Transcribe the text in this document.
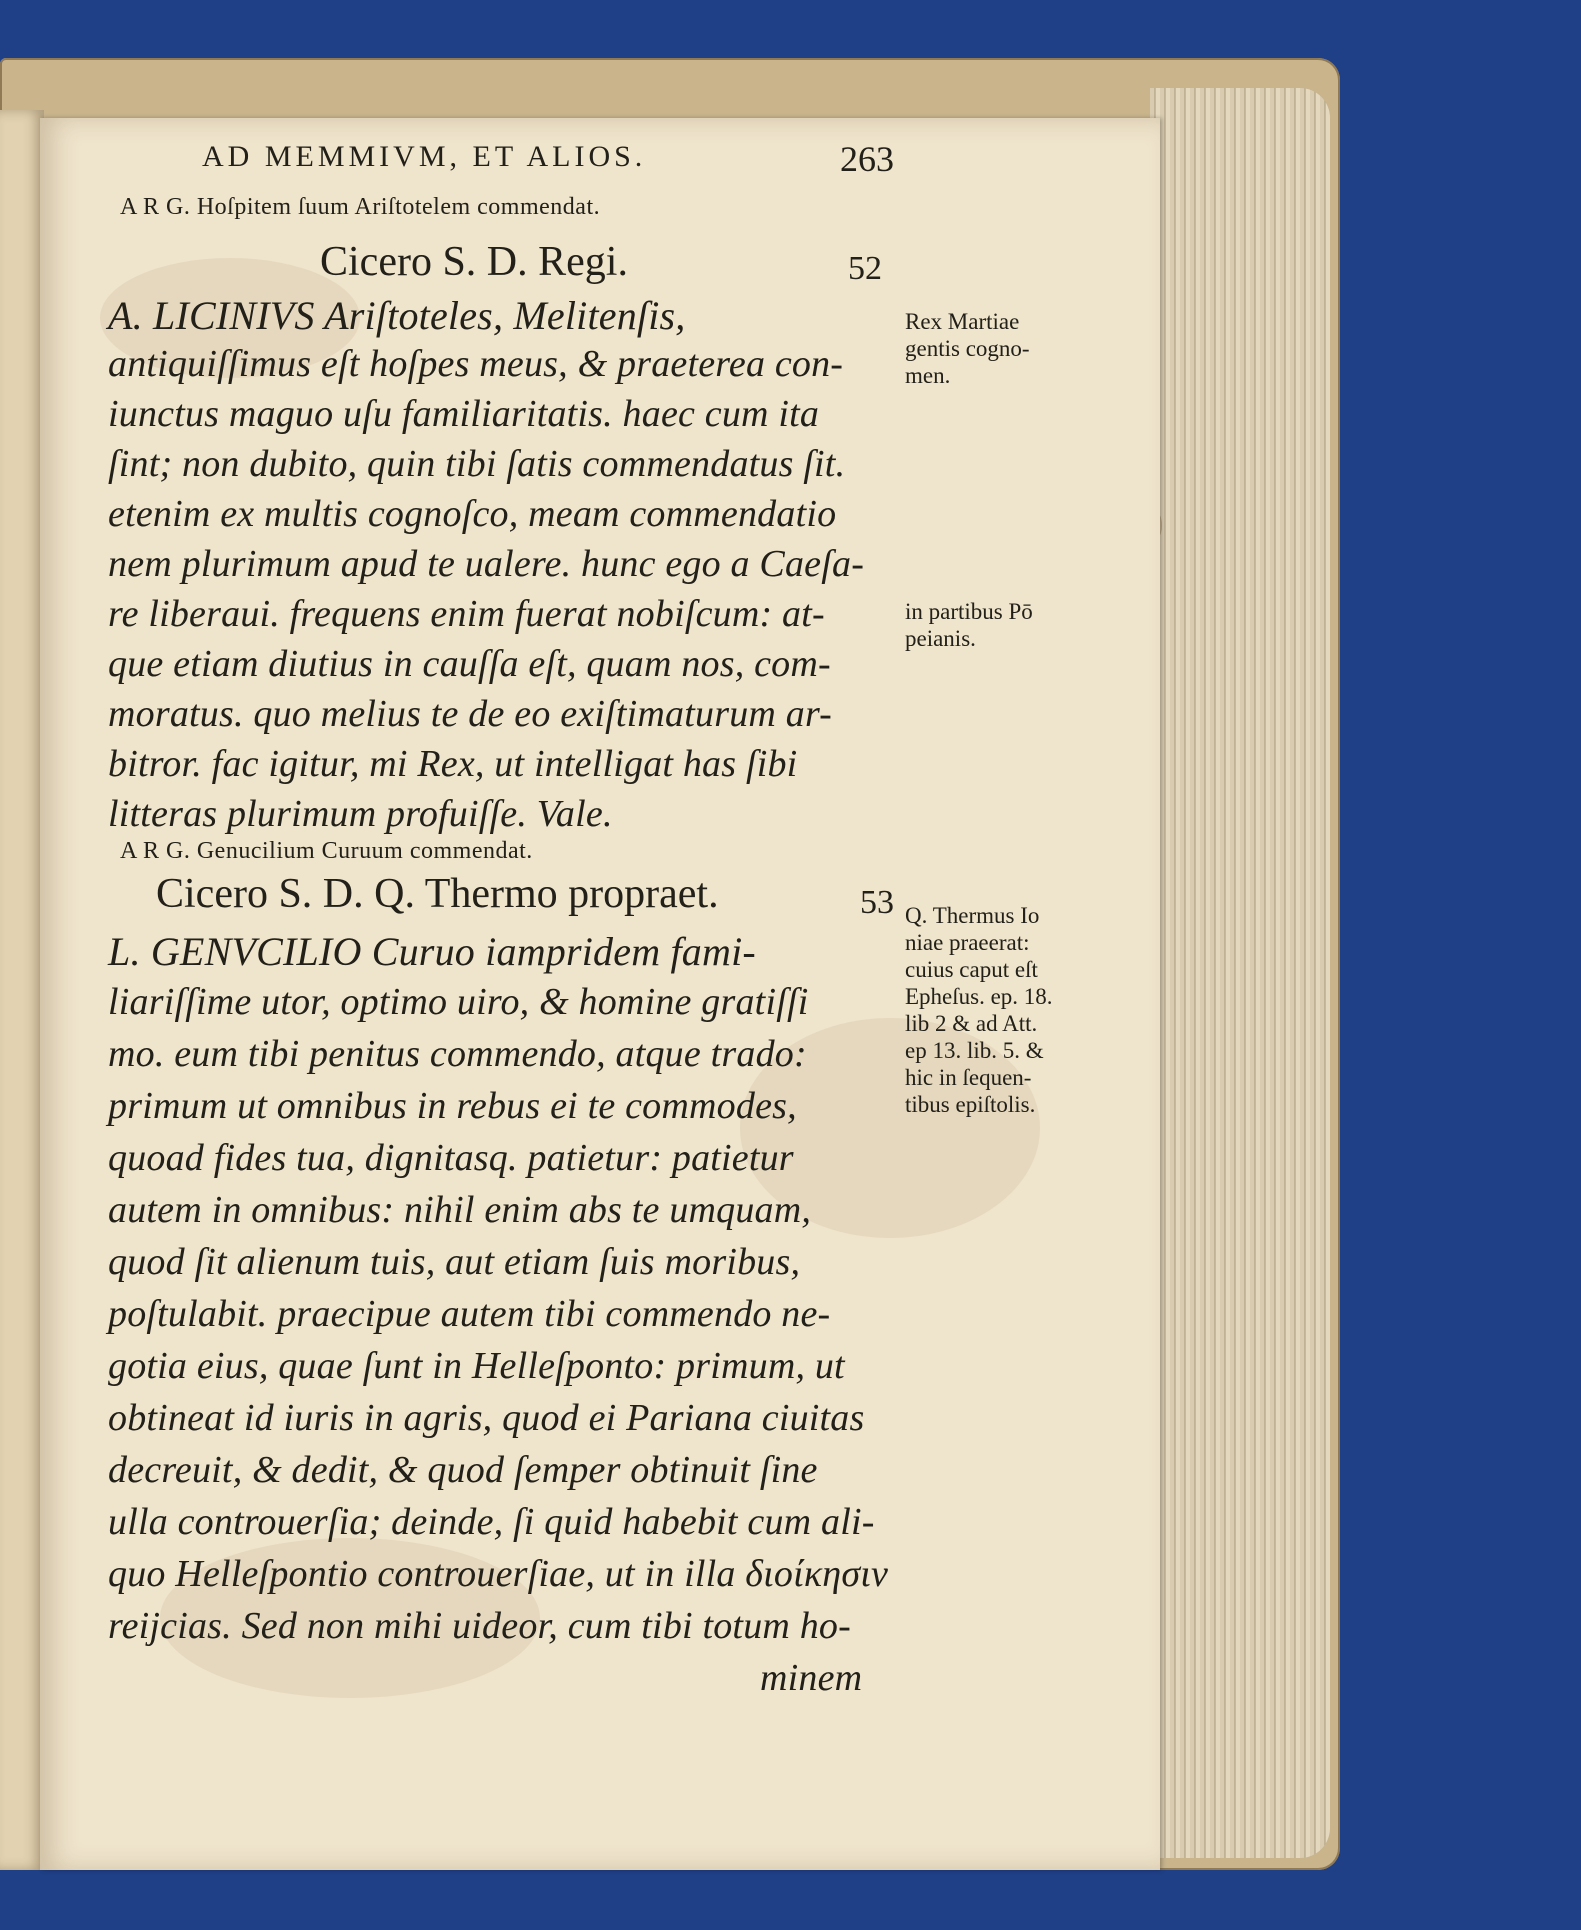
AD MEMMIVM, ET ALIOS.	263
A R G. Hoſpitem ſuum Ariſtotelem commendat.
Cicero S. D. Regi.	52
A. LICINIVS Ariſtoteles, Melitenſis,
antiquiſſimus eſt hoſpes meus, & praeterea con-
iunctus maguo uſu familiaritatis. haec cum ita
ſint; non dubito, quin tibi ſatis commendatus ſit.
etenim ex multis cognoſco, meam commendatio
nem plurimum apud te ualere. hunc ego a Caeſa-
re liberaui. frequens enim fuerat nobiſcum: at-
que etiam diutius in cauſſa eſt, quam nos, com-
moratus. quo melius te de eo exiſtimaturum ar-
bitror. fac igitur, mi Rex, ut intelligat has ſibi
litteras plurimum profuiſſe. Vale.
A R G. Genucilium Curuum commendat.
Cicero S. D. Q. Thermo propraet.	53
L. GENVCILIO Curuo iampridem fami-
liariſſime utor, optimo uiro, & homine gratiſſi
mo. eum tibi penitus commendo, atque trado:
primum ut omnibus in rebus ei te commodes,
quoad fides tua, dignitasq. patietur: patietur
autem in omnibus: nihil enim abs te umquam,
quod ſit alienum tuis, aut etiam ſuis moribus,
poſtulabit. praecipue autem tibi commendo ne-
gotia eius, quae ſunt in Helleſponto: primum, ut
obtineat id iuris in agris, quod ei Pariana ciuitas
decreuit, & dedit, & quod ſemper obtinuit ſine
ulla controuerſia; deinde, ſi quid habebit cum ali-
quo Helleſpontio controuerſiae, ut in illa διοίκησιν
reijcias. Sed non mihi uideor, cum tibi totum ho-
minem
Rex Martiae
gentis cogno-
men.
in partibus Pō
peianis.
Q. Thermus Io
niae praeerat:
cuius caput eſt
Epheſus. ep. 18.
lib 2 & ad Att.
ep 13. lib. 5. &
hic in ſequen-
tibus epiſtolis.
